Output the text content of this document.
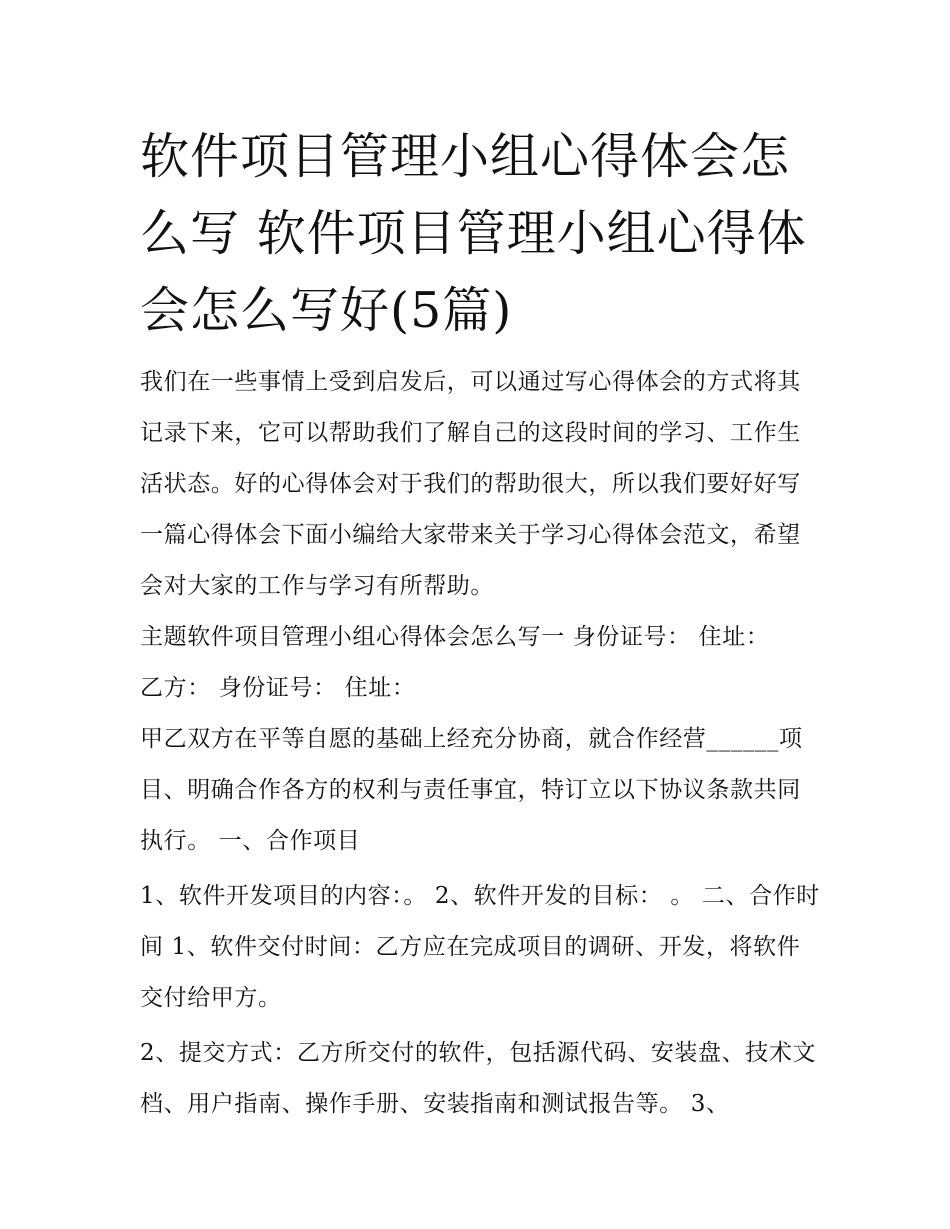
软件项目管理小组心得体会怎么写 软件项目管理小组心得体会怎么写好(5篇)

我们在一些事情上受到启发后，可以通过写心得体会的方式将其记录下来，它可以帮助我们了解自己的这段时间的学习、工作生活状态。好的心得体会对于我们的帮助很大，所以我们要好好写一篇心得体会下面小编给大家带来关于学习心得体会范文，希望会对大家的工作与学习有所帮助。

主题软件项目管理小组心得体会怎么写一 身份证号： 住址：

乙方： 身份证号： 住址：

甲乙双方在平等自愿的基础上经充分协商，就合作经营______项目、明确合作各方的权利与责任事宜，特订立以下协议条款共同执行。 一、合作项目

1、软件开发项目的内容：。 2、软件开发的目标： 。 二、合作时间 1、软件交付时间：乙方应在完成项目的调研、开发，将软件交付给甲方。

2、提交方式：乙方所交付的软件，包括源代码、安装盘、技术文档、用户指南、操作手册、安装指南和测试报告等。 3、
